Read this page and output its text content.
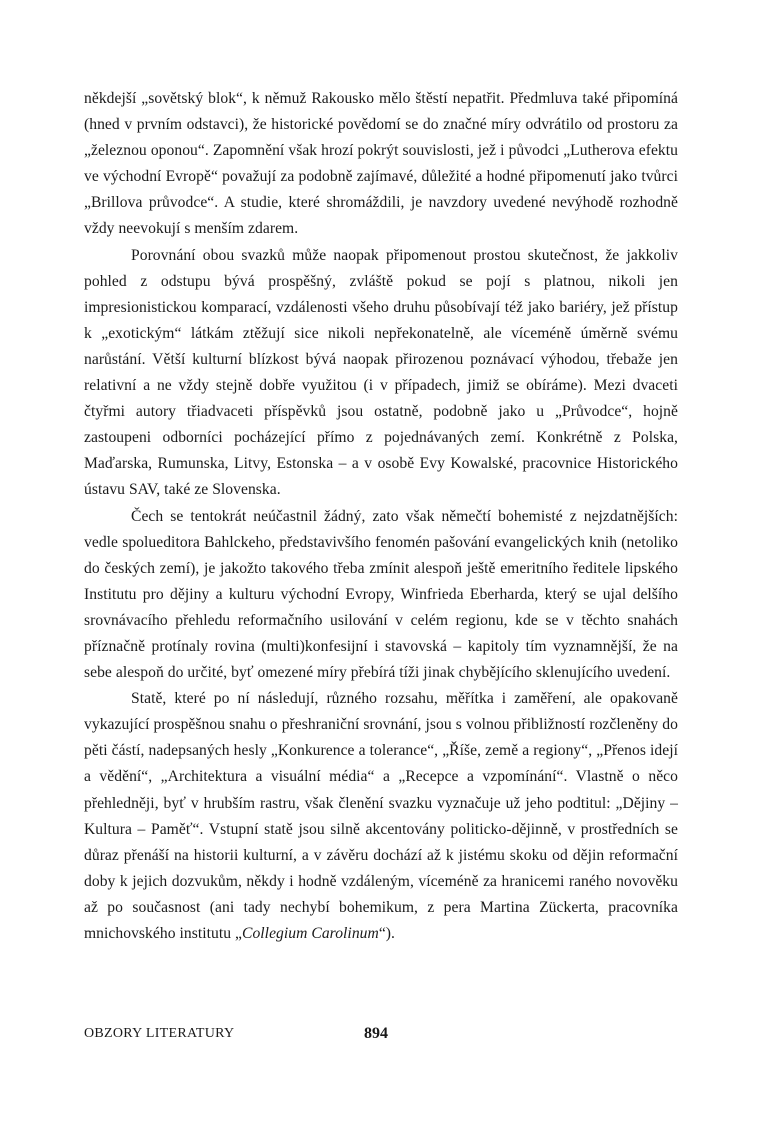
někdejší „sovětský blok“, k němuž Rakousko mělo štěstí nepatřit. Předmluva také připomíná (hned v prvním odstavci), že historické povědomí se do značné míry odvrátilo od prostoru za „železnou oponou“. Zapomnění však hrozí pokrýt souvislosti, jež i původci „Lutherova efektu ve východní Evropě“ považují za podobně zajímavé, důležité a hodné připomenutí jako tvůrci „Brillova průvodce“. A studie, které shromáždili, je navzdory uvedené nevýhodě rozhodně vždy neevokují s menším zdarem.

Porovnání obou svazků může naopak připomenout prostou skutečnost, že jakkoliv pohled z odstupu bývá prospěšný, zvláště pokud se pojí s platnou, nikoli jen impresionistickou komparací, vzdálenosti všeho druhu působívají též jako bariéry, jež přístup k „exotickým“ látkám ztěžují sice nikoli nepřekonatelně, ale víceméně úměrně svému narůstání. Větší kulturní blízkost bývá naopak přirozenou poznávací výhodou, třebaže jen relativní a ne vždy stejně dobře využitou (i v případech, jimiž se obíráme). Mezi dvaceti čtyřmi autory třiadvaceti příspěvků jsou ostatně, podobně jako u „Průvodce“, hojně zastoupeni odborníci pocházející přímo z pojednávaných zemí. Konkrétně z Polska, Maďarska, Rumunska, Litvy, Estonska – a v osobě Evy Kowalské, pracovnice Historického ústavu SAV, také ze Slovenska.

Čech se tentokrát neúčastnil žádný, zato však němečtí bohemisté z nejzdatnějších: vedle spolueditora Bahlckeho, představivšího fenomén pašování evangelických knih (netoliko do českých zemí), je jakožto takového třeba zmínit alespoň ještě emeritního ředitele lipského Institutu pro dějiny a kulturu východní Evropy, Winfrieda Eberharda, který se ujal delšího srovnávacího přehledu reformačního usilování v celém regionu, kde se v těchto snahách příznačně protínaly rovina (multi)konfesijní i stavovská – kapitoly tím vyznamnější, že na sebe alespoň do určité, byť omezené míry přebírá tíži jinak chybějícího sklenujícího uvedení.

Statě, které po ní následují, různého rozsahu, měřítka i zaměření, ale opakovaně vykazující prospěšnou snahu o přeshraniční srovnání, jsou s volnou přibližností rozčleněny do pěti částí, nadepsaných hesly „Konkurence a tolerance“, „Říše, země a regiony“, „Přenos idejí a vědění“, „Architektura a visuální média“ a „Recepce a vzpomínání“. Vlastně o něco přehledněji, byť v hrubším rastru, však členění svazku vyznačuje už jeho podtitul: „Dějiny – Kultura – Paměť“. Vstupní statě jsou silně akcentovány politicko-dějinně, v prostředních se důraz přenáší na historii kulturní, a v závěru dochází až k jistému skoku od dějin reformační doby k jejich dozvukům, někdy i hodně vzdáleným, víceméně za hranicemi raného novověku až po současnost (ani tady nechybí bohemikum, z pera Martina Zückerta, pracovníka mnichovského institutu „Collegium Carolinum“).

OBZORY LITERATURY	894
